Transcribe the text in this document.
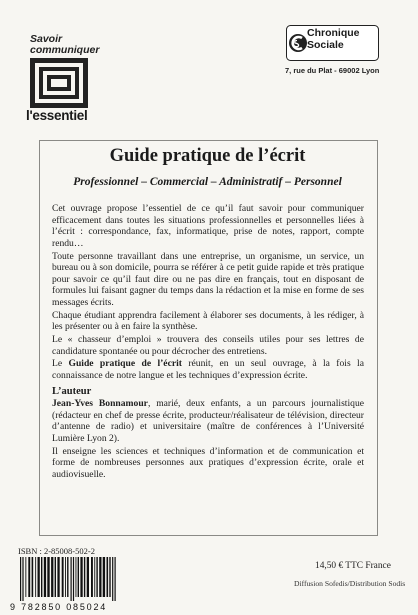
Savoir
communiquer
l'essentiel
Chronique
Sociale
7, rue du Plat - 69002 Lyon
Guide pratique de l’écrit
Professionnel – Commercial – Administratif – Personnel

Cet ouvrage propose l’essentiel de ce qu’il faut savoir pour communiquer efficacement dans toutes les situations professionnelles et personnelles liées à l’écrit : correspondance, fax, informatique, prise de notes, rapport, compte rendu…

Toute personne travaillant dans une entreprise, un organisme, un service, un bureau ou à son domicile, pourra se référer à ce petit guide rapide et très pratique pour savoir ce qu’il faut dire ou ne pas dire en français, tout en disposant de formules lui faisant gagner du temps dans la rédaction et la mise en forme de ses messages écrits.

Chaque étudiant apprendra facilement à élaborer ses documents, à les rédiger, à les présenter ou à en faire la synthèse.

Le « chasseur d’emploi » trouvera des conseils utiles pour ses lettres de candidature spontanée ou pour décrocher des entretiens.

Le Guide pratique de l’écrit réunit, en un seul ouvrage, à la fois la connaissance de notre langue et les techniques d’expression écrite.

L’auteur

Jean-Yves Bonnamour, marié, deux enfants, a un parcours journalistique (rédacteur en chef de presse écrite, producteur/réalisateur de télévision, directeur d’antenne de radio) et universitaire (maître de conférences à l’Université Lumière Lyon 2).

Il enseigne les sciences et techniques d’information et de communication et forme de nombreuses personnes aux pratiques d’expression écrite, orale et audiovisuelle.

ISBN : 2-85008-502-2
9 782850 085024
14,50 € TTC France
Diffusion Sofedis/Distribution Sodis
